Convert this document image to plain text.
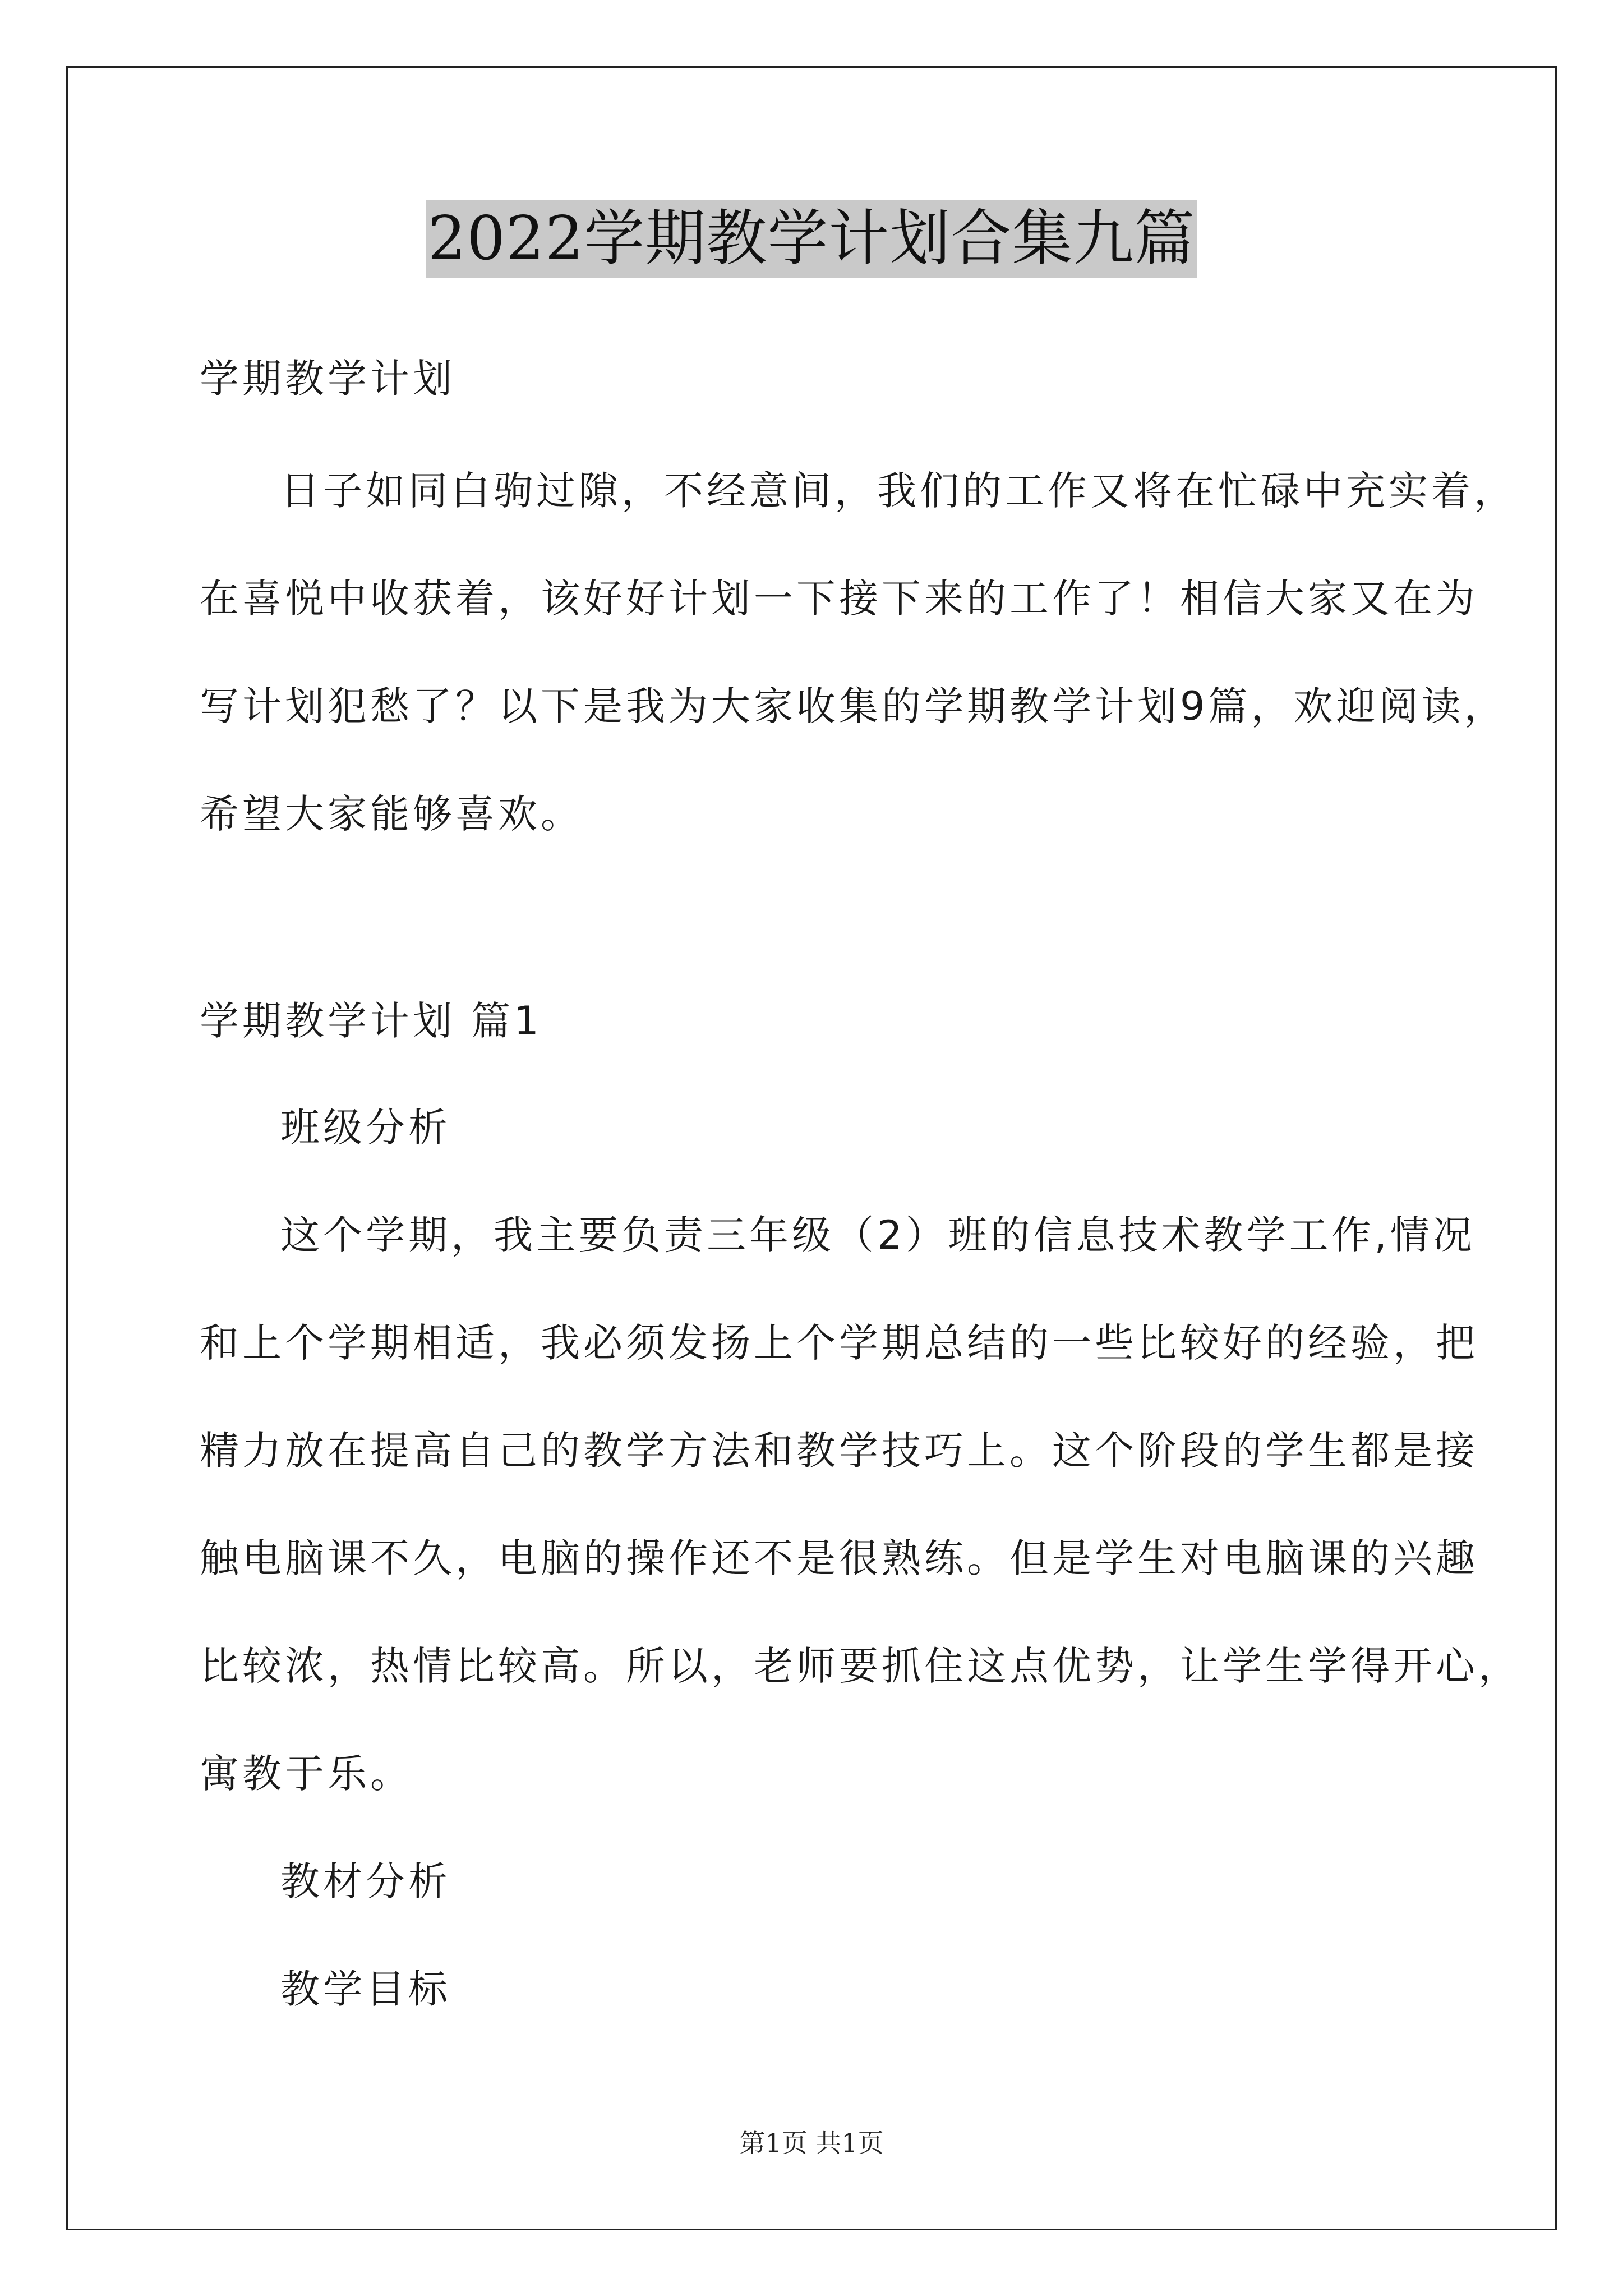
2022学期教学计划合集九篇
学期教学计划
日子如同白驹过隙，不经意间，我们的工作又将在忙碌中充实着，
在喜悦中收获着，该好好计划一下接下来的工作了！相信大家又在为
写计划犯愁了？以下是我为大家收集的学期教学计划9篇，欢迎阅读，
希望大家能够喜欢。
学期教学计划 篇1
班级分析
这个学期，我主要负责三年级（2）班的信息技术教学工作,情况
和上个学期相适，我必须发扬上个学期总结的一些比较好的经验，把
精力放在提高自己的教学方法和教学技巧上。这个阶段的学生都是接
触电脑课不久，电脑的操作还不是很熟练。但是学生对电脑课的兴趣
比较浓，热情比较高。所以，老师要抓住这点优势，让学生学得开心，
寓教于乐。
教材分析
教学目标
第1页 共1页
